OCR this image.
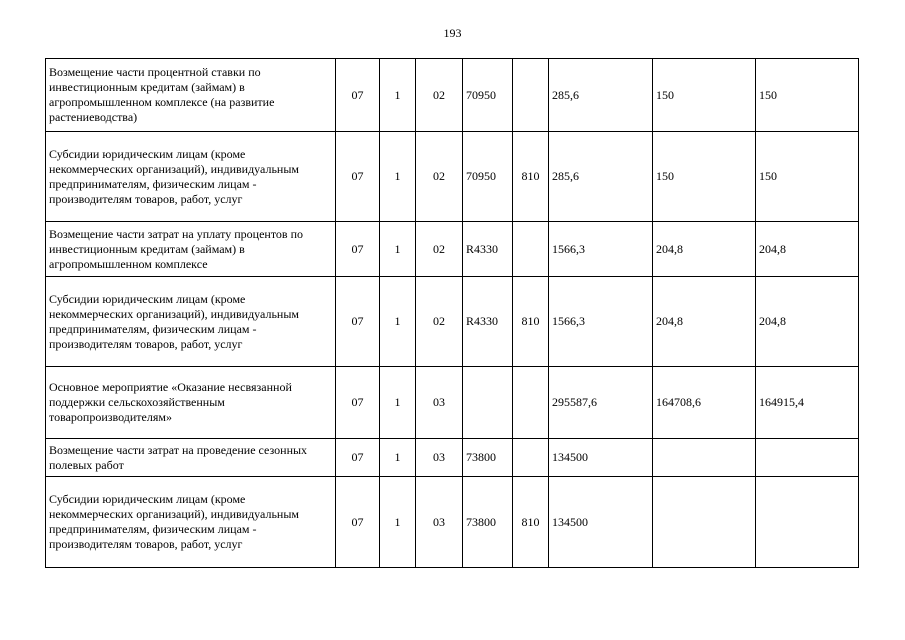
193
Возмещение части процентной ставки по инвестиционным кредитам (займам) в агропромышленном комплексе (на развитие растениеводства)	07	1	02	70950		285,6	150	150
Субсидии юридическим лицам (кроме некоммерческих организаций), индивидуальным предпринимателям, физическим лицам - производителям товаров, работ, услуг	07	1	02	70950	810	285,6	150	150
Возмещение части затрат на уплату процентов по инвестиционным кредитам (займам) в агропромышленном комплексе	07	1	02	R4330		1566,3	204,8	204,8
Субсидии юридическим лицам (кроме некоммерческих организаций), индивидуальным предпринимателям, физическим лицам - производителям товаров, работ, услуг	07	1	02	R4330	810	1566,3	204,8	204,8
Основное мероприятие «Оказание несвязанной поддержки сельскохозяйственным товаропроизводителям»	07	1	03			295587,6	164708,6	164915,4
Возмещение части затрат на проведение сезонных полевых работ	07	1	03	73800		134500		
Субсидии юридическим лицам (кроме некоммерческих организаций), индивидуальным предпринимателям, физическим лицам - производителям товаров, работ, услуг	07	1	03	73800	810	134500		
